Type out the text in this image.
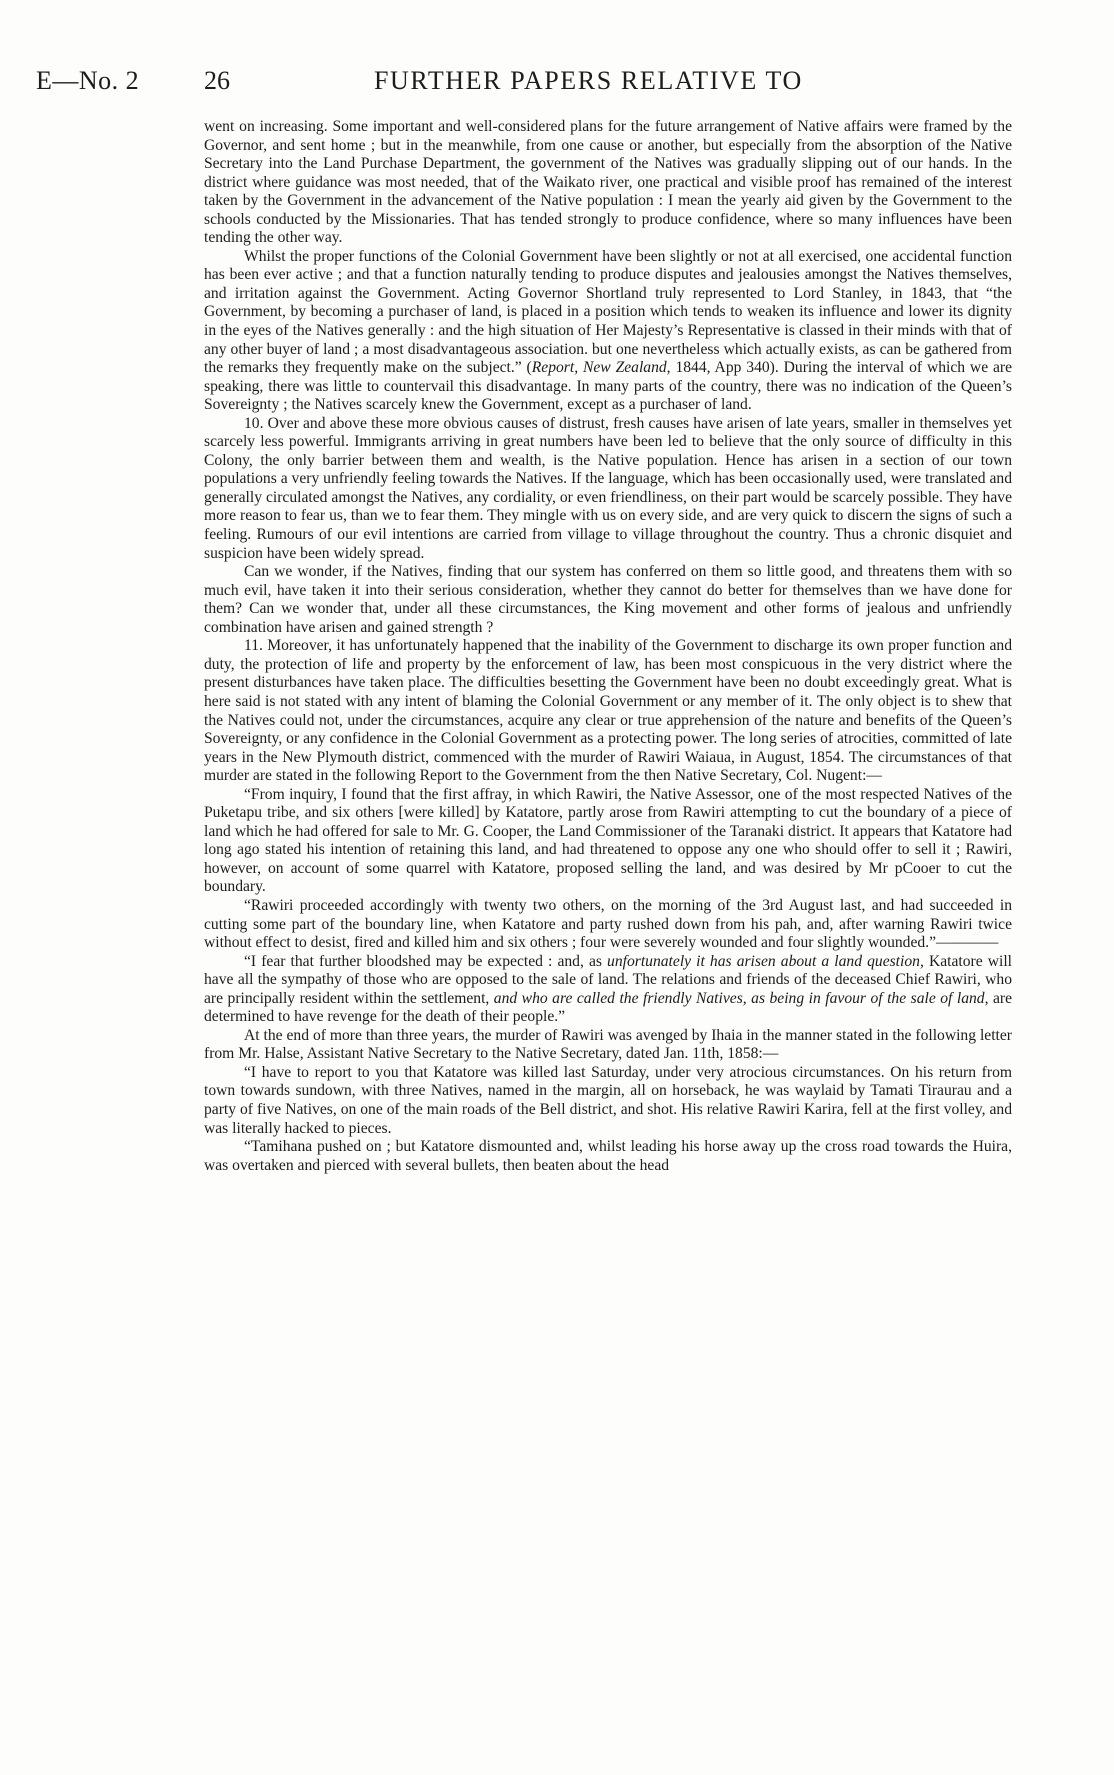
E—No. 2 26	FURTHER PAPERS RELATIVE TO

went on increasing. Some important and well-considered plans for the future arrangement of Native affairs were framed by the Governor, and sent home ; but in the meanwhile, from one cause or another, but especially from the absorption of the Native Secretary into the Land Purchase Department, the government of the Natives was gradually slipping out of our hands. In the district where guidance was most needed, that of the Waikato river, one practical and visible proof has remained of the interest taken by the Government in the advancement of the Native population : I mean the yearly aid given by the Government to the schools conducted by the Missionaries. That has tended strongly to produce confidence, where so many influences have been tending the other way.

Whilst the proper functions of the Colonial Government have been slightly or not at all exercised, one accidental function has been ever active ; and that a function naturally tending to produce disputes and jealousies amongst the Natives themselves, and irritation against the Government. Acting Governor Shortland truly represented to Lord Stanley, in 1843, that “the Government, by becoming a purchaser of land, is placed in a position which tends to weaken its influence and lower its dignity in the eyes of the Natives generally : and the high situation of Her Majesty’s Representative is classed in their minds with that of any other buyer of land ; a most disadvantageous association. but one nevertheless which actually exists, as can be gathered from the remarks they frequently make on the subject.” (Report, New Zealand, 1844, App 340). During the interval of which we are speaking, there was little to countervail this disadvantage. In many parts of the country, there was no indication of the Queen’s Sovereignty ; the Natives scarcely knew the Government, except as a purchaser of land.

10. Over and above these more obvious causes of distrust, fresh causes have arisen of late years, smaller in themselves yet scarcely less powerful. Immigrants arriving in great numbers have been led to believe that the only source of difficulty in this Colony, the only barrier between them and wealth, is the Native population. Hence has arisen in a section of our town populations a very unfriendly feeling towards the Natives. If the language, which has been occasionally used, were translated and generally circulated amongst the Natives, any cordiality, or even friendliness, on their part would be scarcely possible. They have more reason to fear us, than we to fear them. They mingle with us on every side, and are very quick to discern the signs of such a feeling. Rumours of our evil intentions are carried from village to village throughout the country. Thus a chronic disquiet and suspicion have been widely spread.

Can we wonder, if the Natives, finding that our system has conferred on them so little good, and threatens them with so much evil, have taken it into their serious consideration, whether they cannot do better for themselves than we have done for them? Can we wonder that, under all these circumstances, the King movement and other forms of jealous and unfriendly combination have arisen and gained strength ?

11. Moreover, it has unfortunately happened that the inability of the Government to discharge its own proper function and duty, the protection of life and property by the enforcement of law, has been most conspicuous in the very district where the present disturbances have taken place. The difficulties besetting the Government have been no doubt exceedingly great. What is here said is not stated with any intent of blaming the Colonial Government or any member of it. The only object is to shew that the Natives could not, under the circumstances, acquire any clear or true apprehension of the nature and benefits of the Queen’s Sovereignty, or any confidence in the Colonial Government as a protecting power. The long series of atrocities, committed of late years in the New Plymouth district, commenced with the murder of Rawiri Waiaua, in August, 1854. The circumstances of that murder are stated in the following Report to the Government from the then Native Secretary, Col. Nugent:—

“From inquiry, I found that the first affray, in which Rawiri, the Native Assessor, one of the most respected Natives of the Puketapu tribe, and six others [were killed] by Katatore, partly arose from Rawiri attempting to cut the boundary of a piece of land which he had offered for sale to Mr. G. Cooper, the Land Commissioner of the Taranaki district. It appears that Katatore had long ago stated his intention of retaining this land, and had threatened to oppose any one who should offer to sell it ; Rawiri, however, on account of some quarrel with Katatore, proposed selling the land, and was desired by Mr pCooer to cut the boundary.

“Rawiri proceeded accordingly with twenty two others, on the morning of the 3rd August last, and had succeeded in cutting some part of the boundary line, when Katatore and party rushed down from his pah, and, after warning Rawiri twice without effect to desist, fired and killed him and six others ; four were severely wounded and four slightly wounded.”————

“I fear that further bloodshed may be expected : and, as unfortunately it has arisen about a land question, Katatore will have all the sympathy of those who are opposed to the sale of land. The relations and friends of the deceased Chief Rawiri, who are principally resident within the settlement, and who are called the friendly Natives, as being in favour of the sale of land, are determined to have revenge for the death of their people.”

At the end of more than three years, the murder of Rawiri was avenged by Ihaia in the manner stated in the following letter from Mr. Halse, Assistant Native Secretary to the Native Secretary, dated Jan. 11th, 1858:—

“I have to report to you that Katatore was killed last Saturday, under very atrocious circumstances. On his return from town towards sundown, with three Natives, named in the margin, all on horseback, he was waylaid by Tamati Tiraurau and a party of five Natives, on one of the main roads of the Bell district, and shot. His relative Rawiri Karira, fell at the first volley, and was literally hacked to pieces.

“Tamihana pushed on ; but Katatore dismounted and, whilst leading his horse away up the cross road towards the Huira, was overtaken and pierced with several bullets, then beaten about the head
